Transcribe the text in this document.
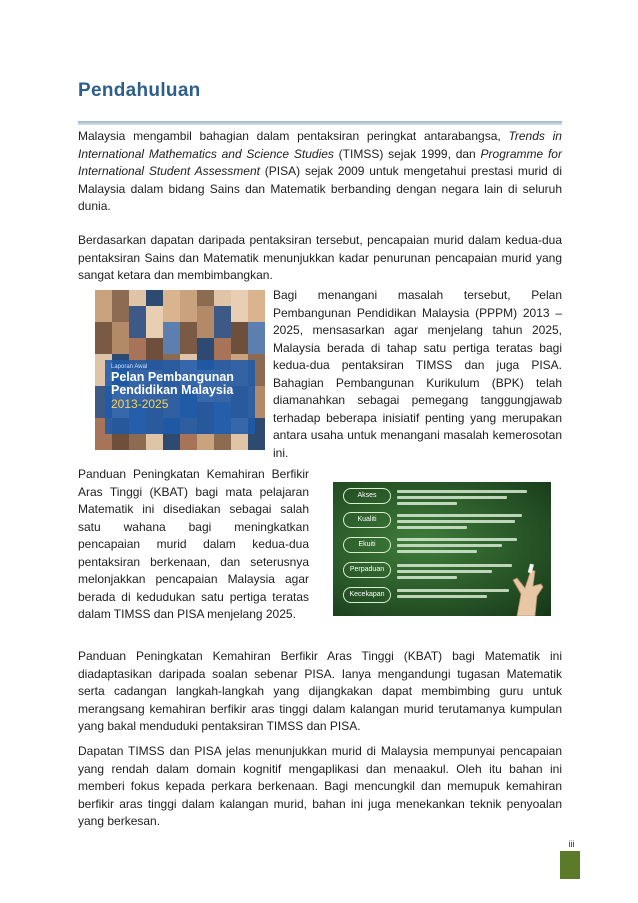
Pendahuluan
Malaysia mengambil bahagian dalam pentaksiran peringkat antarabangsa, Trends in International Mathematics and Science Studies (TIMSS) sejak 1999, dan Programme for International Student Assessment (PISA) sejak 2009 untuk mengetahui prestasi murid di Malaysia dalam bidang Sains dan Matematik berbanding dengan negara lain di seluruh dunia.
Berdasarkan dapatan daripada pentaksiran tersebut, pencapaian murid dalam kedua-dua pentaksiran Sains dan Matematik menunjukkan kadar penurunan pencapaian murid yang sangat ketara dan membimbangkan.
Laporan Awal
Pelan Pembangunan Pendidikan Malaysia
2013-2025
Bagi menangani masalah tersebut, Pelan Pembangunan Pendidikan Malaysia (PPPM) 2013 – 2025, mensasarkan agar menjelang tahun 2025, Malaysia berada di tahap satu pertiga teratas bagi kedua-dua pentaksiran TIMSS dan juga PISA. Bahagian Pembangunan Kurikulum (BPK) telah diamanahkan sebagai pemegang tanggungjawab terhadap beberapa inisiatif penting yang merupakan antara usaha untuk menangani masalah kemerosotan ini.
Panduan Peningkatan Kemahiran Berfikir Aras Tinggi (KBAT) bagi mata pelajaran Matematik ini disediakan sebagai salah satu wahana bagi meningkatkan pencapaian murid dalam kedua-dua pentaksiran berkenaan, dan seterusnya melonjakkan pencapaian Malaysia agar berada di kedudukan satu pertiga teratas dalam TIMSS dan PISA menjelang 2025.
Akses
Kualiti
Ekuiti
Perpaduan
Kecekapan
Panduan Peningkatan Kemahiran Berfikir Aras Tinggi (KBAT) bagi Matematik ini diadaptasikan daripada soalan sebenar PISA. Ianya mengandungi tugasan Matematik serta cadangan langkah-langkah yang dijangkakan dapat membimbing guru untuk merangsang kemahiran berfikir aras tinggi dalam kalangan murid terutamanya kumpulan yang bakal menduduki pentaksiran TIMSS dan PISA.
Dapatan TIMSS dan PISA jelas menunjukkan murid di Malaysia mempunyai pencapaian yang rendah dalam domain kognitif mengaplikasi dan menaakul. Oleh itu bahan ini memberi fokus kepada perkara berkenaan. Bagi mencungkil dan memupuk kemahiran berfikir aras tinggi dalam kalangan murid, bahan ini juga menekankan teknik penyoalan yang berkesan.
iii
